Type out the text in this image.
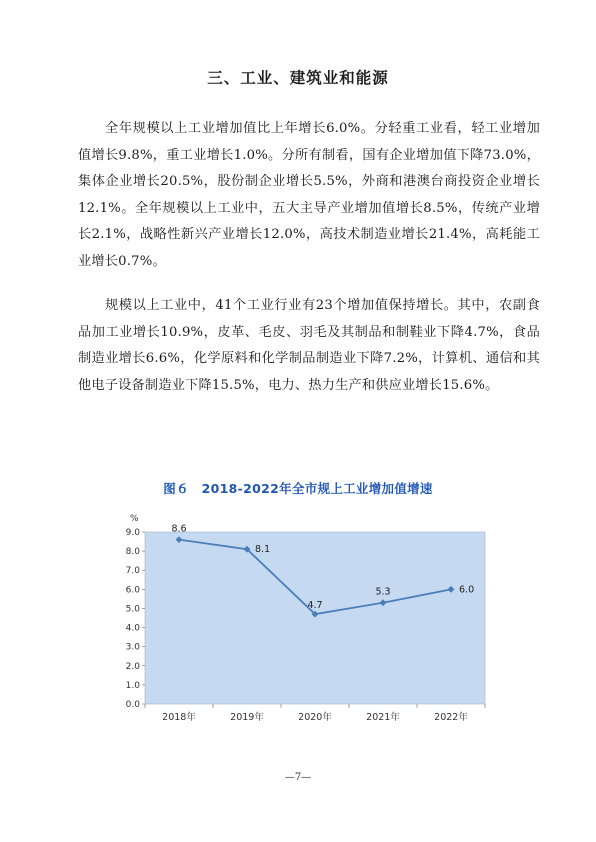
三、工业、建筑业和能源

全年规模以上工业增加值比上年增长6.0%。分轻重工业看，轻工业增加值增长9.8%，重工业增长1.0%。分所有制看，国有企业增加值下降73.0%，集体企业增长20.5%，股份制企业增长5.5%，外商和港澳台商投资企业增长12.1%。全年规模以上工业中，五大主导产业增加值增长8.5%，传统产业增长2.1%，战略性新兴产业增长12.0%，高技术制造业增长21.4%，高耗能工业增长0.7%。

规模以上工业中，41个工业行业有23个增加值保持增长。其中，农副食品加工业增长10.9%，皮革、毛皮、羽毛及其制品和制鞋业下降4.7%，食品制造业增长6.6%，化学原料和化学制品制造业下降7.2%，计算机、通信和其他电子设备制造业下降15.5%，电力、热力生产和供应业增长15.6%。

图６　2018-2022年全市规上工业增加值增速
%
0.0
1.0
2.0
3.0
4.0
5.0
6.0
7.0
8.0
9.0
2018年	2019年	2020年	2021年	2022年
8.6
8.1
4.7
5.3	6.0
—7—
